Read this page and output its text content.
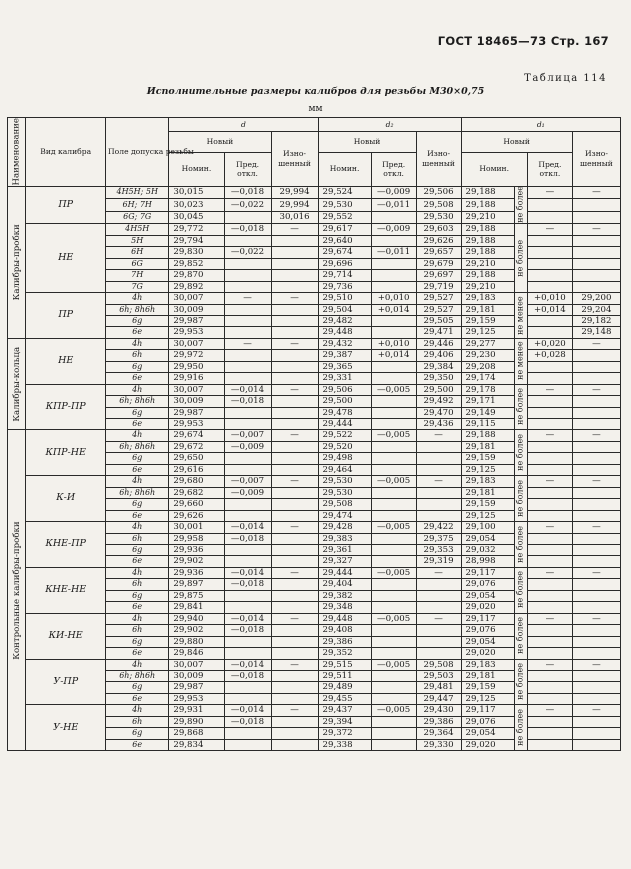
ГОСТ 18465—73 Стр. 167
Таблица 114
Исполнительные размеры калибров для резьбы М30×0,75
мм
Наименование	Вид калибра	Поле допуска резьбы	d			d₂			d₁			
			Новый		Изно-шенный	Новый		Изно-шенный	Новый			Изно-шенный
			Номин.	Пред. откл.		Номин.	Пред. откл.		Номин.		Пред. откл.	
Калибры-пробки	ПР	4H5H; 5H	30,015	—0,018	29,994	29,524	—0,009	29,506	29,188	не более	—	—
		6H; 7H	30,023	—0,022	29,994	29,530	—0,011	29,508	29,188			
		6G; 7G	30,045		30,016	29,552		29,530	29,210			
	НЕ	4H5H	29,772	—0,018	—	29,617	—0,009	29,603	29,188	не более	—	—
		5H	29,794			29,640		29,626	29,188			
		6H	29,830	—0,022		29,674	—0,011	29,657	29,188			
		6G	29,852			29,696		29,679	29,210			
		7H	29,870			29,714		29,697	29,188			
		7G	29,892			29,736		29,719	29,210			
	ПР	4h	30,007	—	—	29,510	+0,010	29,527	29,183	не менее	+0,010	29,200
		6h; 8h6h	30,009			29,504	+0,014	29,527	29,181		+0,014	29,204
		6g	29,987			29,482		29,505	29,159			29,182
		6e	29,953			29,448		29,471	29,125			29,148
Калибры-кольца	НЕ	4h	30,007	—	—	29,432	+0,010	29,446	29,277	не менее	+0,020	—
		6h	29,972			29,387	+0,014	29,406	29,230		+0,028	
		6g	29,950			29,365		29,384	29,208			
		6e	29,916			29,331		29,350	29,174			
	КПР-ПР	4h	30,007	—0,014	—	29,506	—0,005	29,500	29,178	не более	—	—
		6h; 8h6h	30,009	—0,018		29,500		29,492	29,171			
		6g	29,987			29,478		29,470	29,149			
		6e	29,953			29,444		29,436	29,115			
Контрольные калибры-пробки	КПР-НЕ	4h	29,674	—0,007	—	29,522	—0,005	—	29,188	не более	—	—
		6h; 8h6h	29,672	—0,009		29,520			29,181			
		6g	29,650			29,498			29,159			
		6e	29,616			29,464			29,125			
	К-И	4h	29,680	—0,007	—	29,530	—0,005	—	29,183	не более	—	—
		6h; 8h6h	29,682	—0,009		29,530			29,181			
		6g	29,660			29,508			29,159			
		6e	29,626			29,474			29,125			
	КНЕ-ПР	4h	30,001	—0,014	—	29,428	—0,005	29,422	29,100	не более	—	—
		6h	29,958	—0,018		29,383		29,375	29,054			
		6g	29,936			29,361		29,353	29,032			
		6e	29,902			29,327		29,319	28,998			
	КНЕ-НЕ	4h	29,936	—0,014	—	29,444	—0,005	—	29,117	не более	—	—
		6h	29,897	—0,018		29,404			29,076			
		6g	29,875			29,382			29,054			
		6e	29,841			29,348			29,020			
	КИ-НЕ	4h	29,940	—0,014	—	29,448	—0,005	—	29,117	не более	—	—
		6h	29,902	—0,018		29,408			29,076			
		6g	29,880			29,386			29,054			
		6e	29,846			29,352			29,020			
	У-ПР	4h	30,007	—0,014	—	29,515	—0,005	29,508	29,183	не более	—	—
		6h; 8h6h	30,009	—0,018		29,511		29,503	29,181			
		6g	29,987			29,489		29,481	29,159			
		6e	29,953			29,455		29,447	29,125			
	У-НЕ	4h	29,931	—0,014	—	29,437	—0,005	29,430	29,117	не более	—	—
		6h	29,890	—0,018		29,394		29,386	29,076			
		6g	29,868			29,372		29,364	29,054			
		6e	29,834			29,338		29,330	29,020			
